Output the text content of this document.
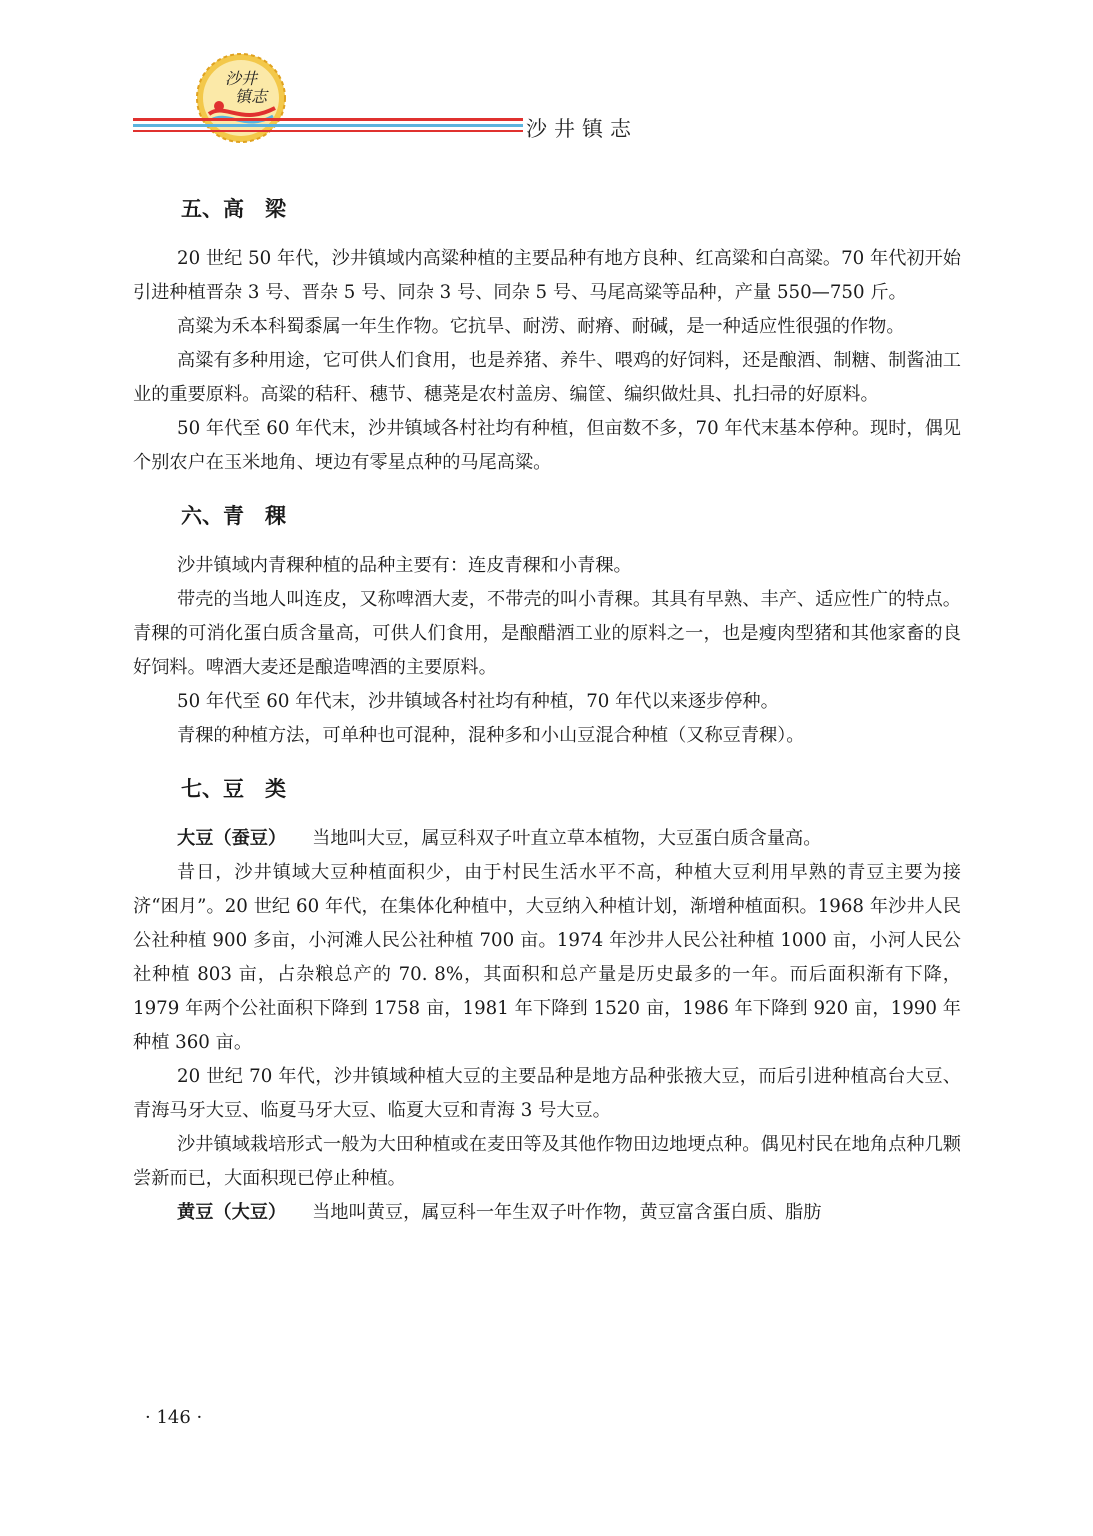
沙井
镇志
沙井镇志
五、高　梁

20 世纪 50 年代，沙井镇域内高粱种植的主要品种有地方良种、红高粱和白高粱。70 年代初开始引进种植晋杂 3 号、晋杂 5 号、同杂 3 号、同杂 5 号、马尾高粱等品种，产量 550—750 斤。

高粱为禾本科蜀黍属一年生作物。它抗旱、耐涝、耐瘠、耐碱，是一种适应性很强的作物。

高粱有多种用途，它可供人们食用，也是养猪、养牛、喂鸡的好饲料，还是酿酒、制糖、制酱油工业的重要原料。高粱的秸秆、穗节、穗荛是农村盖房、编筐、编织做灶具、扎扫帚的好原料。

50 年代至 60 年代末，沙井镇域各村社均有种植，但亩数不多，70 年代末基本停种。现时，偶见个别农户在玉米地角、埂边有零星点种的马尾高粱。

六、青　稞

沙井镇域内青稞种植的品种主要有：连皮青稞和小青稞。

带壳的当地人叫连皮，又称啤酒大麦，不带壳的叫小青稞。其具有早熟、丰产、适应性广的特点。青稞的可消化蛋白质含量高，可供人们食用，是酿醋酒工业的原料之一，也是瘦肉型猪和其他家畜的良好饲料。啤酒大麦还是酿造啤酒的主要原料。

50 年代至 60 年代末，沙井镇域各村社均有种植，70 年代以来逐步停种。

青稞的种植方法，可单种也可混种，混种多和小山豆混合种植（又称豆青稞）。

七、豆　类

大豆（蚕豆） 当地叫大豆，属豆科双子叶直立草本植物，大豆蛋白质含量高。

昔日，沙井镇域大豆种植面积少，由于村民生活水平不高，种植大豆利用早熟的青豆主要为接济“困月”。20 世纪 60 年代，在集体化种植中，大豆纳入种植计划，渐增种植面积。1968 年沙井人民公社种植 900 多亩，小河滩人民公社种植 700 亩。1974 年沙井人民公社种植 1000 亩，小河人民公社种植 803 亩，占杂粮总产的 70. 8%，其面积和总产量是历史最多的一年。而后面积渐有下降，1979 年两个公社面积下降到 1758 亩，1981 年下降到 1520 亩，1986 年下降到 920 亩，1990 年种植 360 亩。

20 世纪 70 年代，沙井镇域种植大豆的主要品种是地方品种张掖大豆，而后引进种植高台大豆、青海马牙大豆、临夏马牙大豆、临夏大豆和青海 3 号大豆。

沙井镇域栽培形式一般为大田种植或在麦田等及其他作物田边地埂点种。偶见村民在地角点种几颗尝新而已，大面积现已停止种植。

黄豆（大豆） 当地叫黄豆，属豆科一年生双子叶作物，黄豆富含蛋白质、脂肪

· 146 ·
